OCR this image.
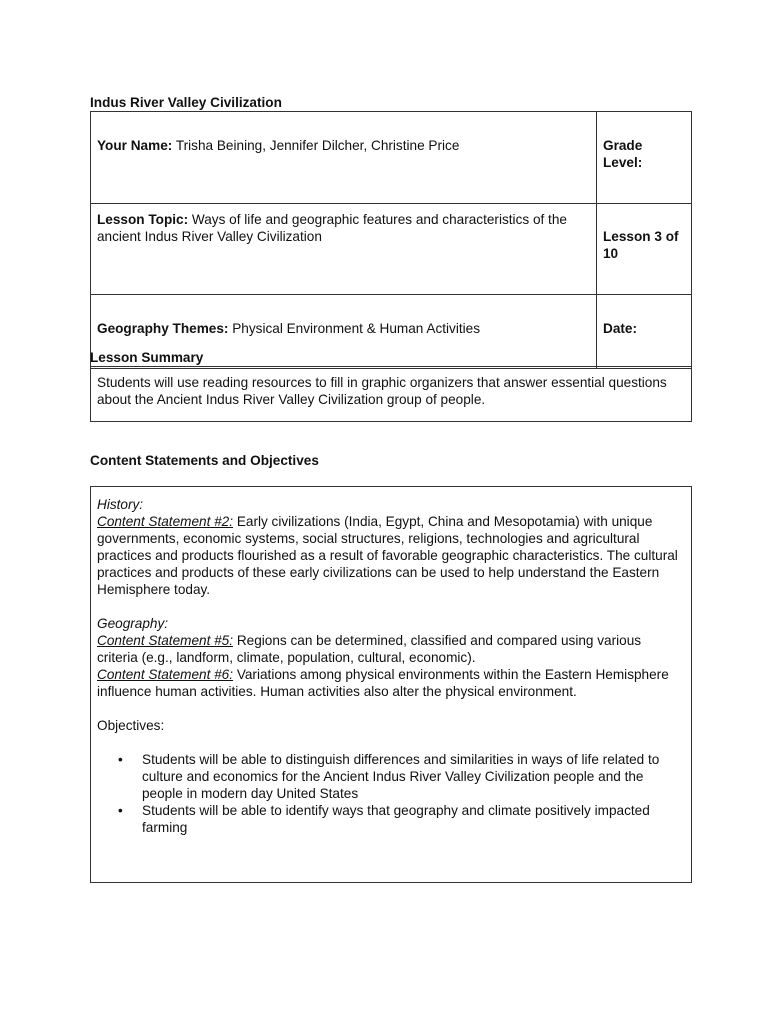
Indus River Valley Civilization
Your Name: Trisha Beining, Jennifer Dilcher, Christine Price	Grade Level:
Lesson Topic: Ways of life and geographic features and characteristics of the ancient Indus River Valley Civilization	Lesson 3 of 10
Geography Themes: Physical Environment & Human Activities	Date:
Lesson Summary
Students will use reading resources to fill in graphic organizers that answer essential questions about the Ancient Indus River Valley Civilization group of people.
Content Statements and Objectives
History:
Content Statement #2: Early civilizations (India, Egypt, China and Mesopotamia) with unique governments, economic systems, social structures, religions, technologies and agricultural practices and products flourished as a result of favorable geographic characteristics. The cultural practices and products of these early civilizations can be used to help understand the Eastern Hemisphere today.
Geography:
Content Statement #5: Regions can be determined, classified and compared using various criteria (e.g., landform, climate, population, cultural, economic).
Content Statement #6: Variations among physical environments within the Eastern Hemisphere influence human activities. Human activities also alter the physical environment.
Objectives:
• Students will be able to distinguish differences and similarities in ways of life related to culture and economics for the Ancient Indus River Valley Civilization people and the people in modern day United States
• Students will be able to identify ways that geography and climate positively impacted farming
